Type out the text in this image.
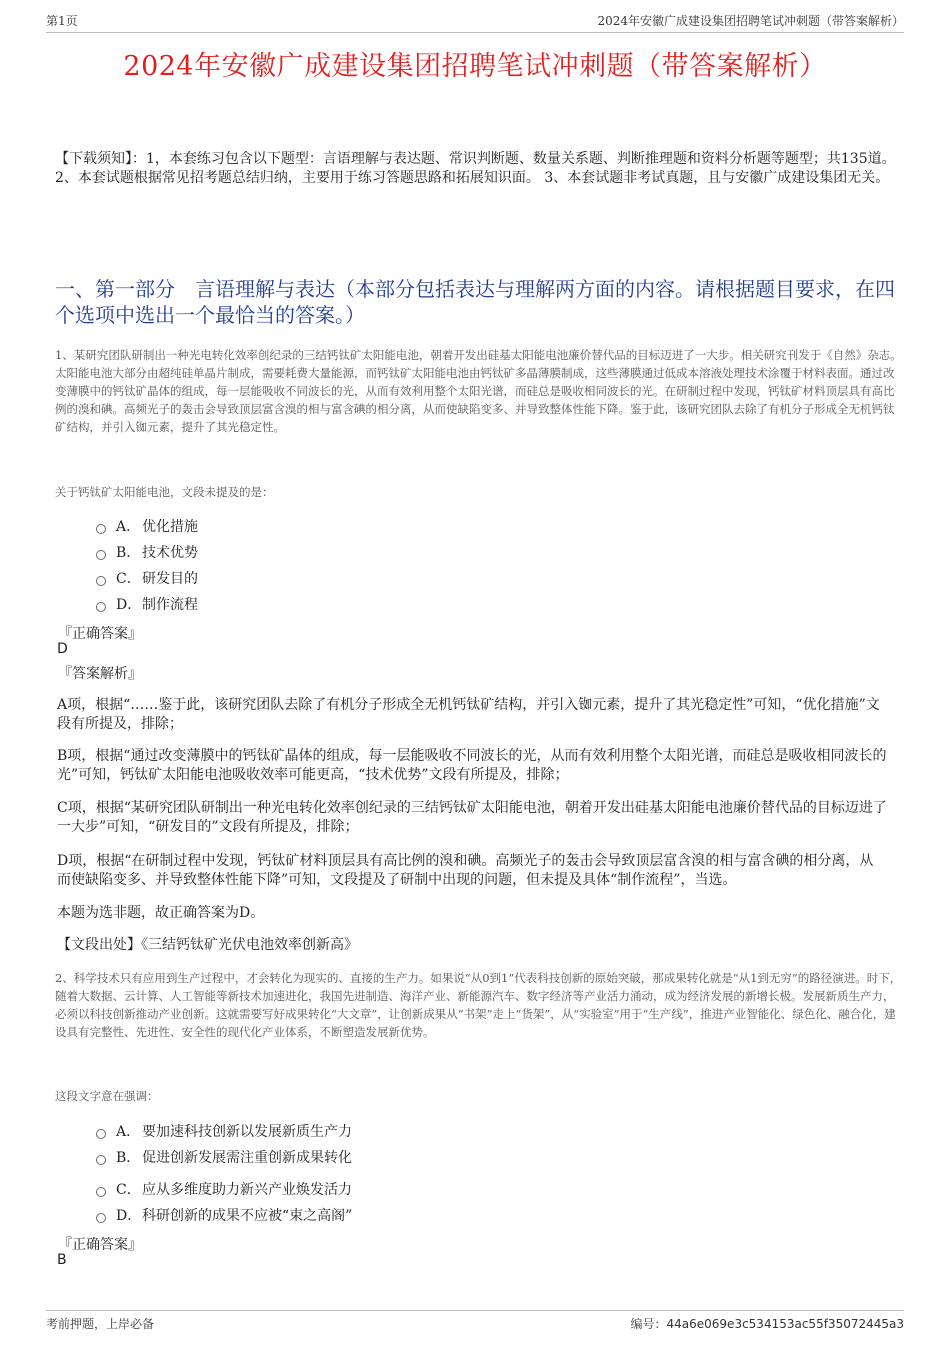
第1页	2024年安徽广成建设集团招聘笔试冲刺题（带答案解析）
2024年安徽广成建设集团招聘笔试冲刺题（带答案解析）
【下载须知】：1，本套练习包含以下题型：言语理解与表达题、常识判断题、数量关系题、判断推理题和资料分析题等题型；共135道。 2、本套试题根据常见招考题总结归纳，主要用于练习答题思路和拓展知识面。 3、本套试题非考试真题，且与安徽广成建设集团无关。
一、第一部分　言语理解与表达（本部分包括表达与理解两方面的内容。请根据题目要求，在四个选项中选出一个最恰当的答案。）
1、某研究团队研制出一种光电转化效率创纪录的三结钙钛矿太阳能电池，朝着开发出硅基太阳能电池廉价替代品的目标迈进了一大步。相关研究刊发于《自然》杂志。太阳能电池大部分由超纯硅单晶片制成，需要耗费大量能源，而钙钛矿太阳能电池由钙钛矿多晶薄膜制成，这些薄膜通过低成本溶液处理技术涂覆于材料表面。通过改变薄膜中的钙钛矿晶体的组成，每一层能吸收不同波长的光，从而有效利用整个太阳光谱，而硅总是吸收相同波长的光。在研制过程中发现，钙钛矿材料顶层具有高比例的溴和碘。高频光子的轰击会导致顶层富含溴的相与富含碘的相分离，从而使缺陷变多、并导致整体性能下降。鉴于此，该研究团队去除了有机分子形成全无机钙钛矿结构，并引入铷元素，提升了其光稳定性。
关于钙钛矿太阳能电池，文段未提及的是：
A． 优化措施
B． 技术优势
C． 研发目的
D． 制作流程
『正确答案』
D
『答案解析』
A项，根据“……鉴于此，该研究团队去除了有机分子形成全无机钙钛矿结构，并引入铷元素，提升了其光稳定性”可知，“优化措施”文段有所提及，排除；
B项，根据“通过改变薄膜中的钙钛矿晶体的组成，每一层能吸收不同波长的光，从而有效利用整个太阳光谱，而硅总是吸收相同波长的光”可知，钙钛矿太阳能电池吸收效率可能更高，“技术优势”文段有所提及，排除；
C项，根据“某研究团队研制出一种光电转化效率创纪录的三结钙钛矿太阳能电池，朝着开发出硅基太阳能电池廉价替代品的目标迈进了一大步”可知，“研发目的”文段有所提及，排除；
D项，根据“在研制过程中发现，钙钛矿材料顶层具有高比例的溴和碘。高频光子的轰击会导致顶层富含溴的相与富含碘的相分离，从而使缺陷变多、并导致整体性能下降”可知，文段提及了研制中出现的问题，但未提及具体“制作流程”，当选。
本题为选非题，故正确答案为D。
【文段出处】《三结钙钛矿光伏电池效率创新高》
2、科学技术只有应用到生产过程中，才会转化为现实的、直接的生产力。如果说“从0到1”代表科技创新的原始突破，那成果转化就是“从1到无穷”的路径演进。时下，随着大数据、云计算、人工智能等新技术加速进化，我国先进制造、海洋产业、新能源汽车、数字经济等产业活力涌动，成为经济发展的新增长极。发展新质生产力，必须以科技创新推动产业创新。这就需要写好成果转化“大文章”，让创新成果从“书架”走上“货架”，从“实验室”用于“生产线”，推进产业智能化、绿色化、融合化，建设具有完整性、先进性、安全性的现代化产业体系，不断塑造发展新优势。
这段文字意在强调：
A． 要加速科技创新以发展新质生产力
B． 促进创新发展需注重创新成果转化
C． 应从多维度助力新兴产业焕发活力
D． 科研创新的成果不应被“束之高阁”
『正确答案』
B
考前押题，上岸必备	编号：44a6e069e3c534153ac55f35072445a3
